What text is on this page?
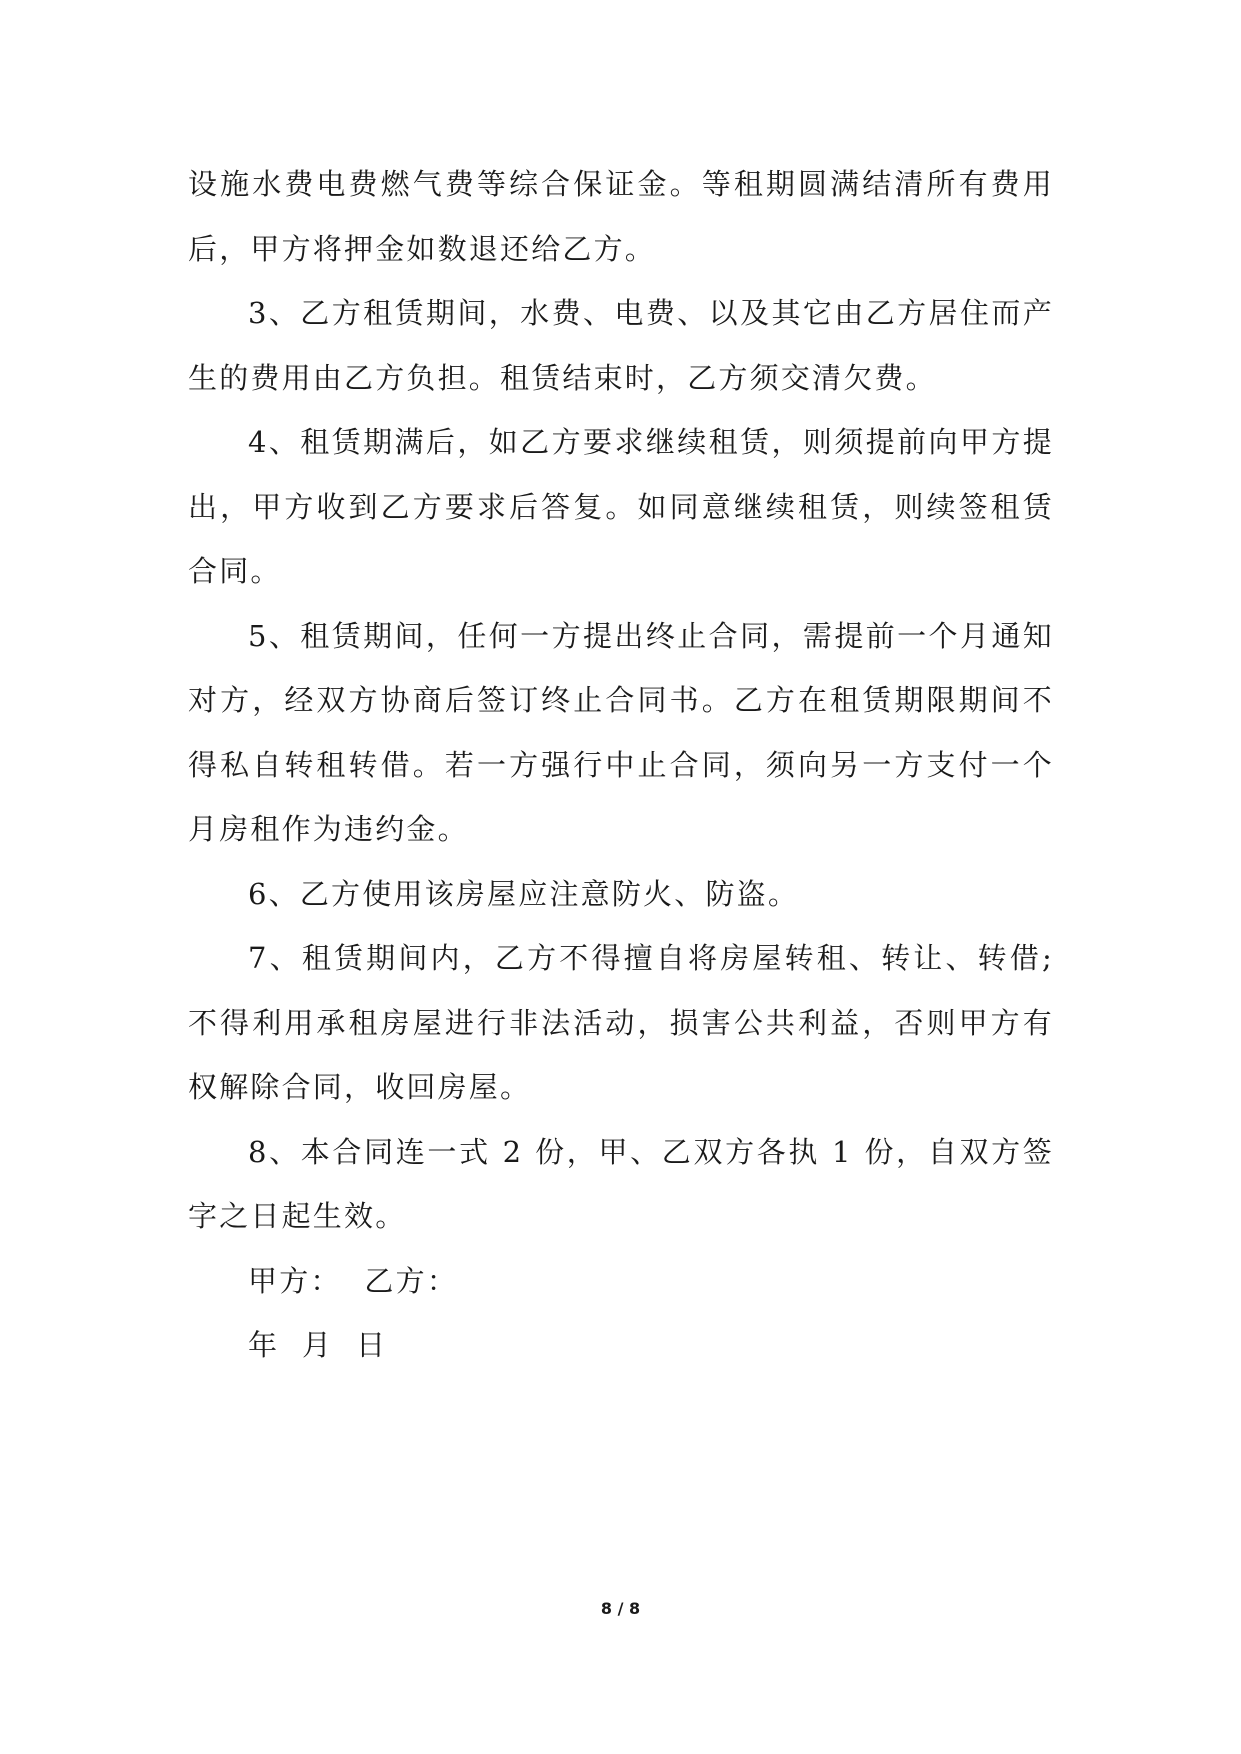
设施水费电费燃气费等综合保证金。等租期圆满结清所有费用后，甲方将押金如数退还给乙方。

3、乙方租赁期间，水费、电费、以及其它由乙方居住而产生的费用由乙方负担。租赁结束时，乙方须交清欠费。

4、租赁期满后，如乙方要求继续租赁，则须提前向甲方提出，甲方收到乙方要求后答复。如同意继续租赁，则续签租赁合同。

5、租赁期间，任何一方提出终止合同，需提前一个月通知对方，经双方协商后签订终止合同书。乙方在租赁期限期间不得私自转租转借。若一方强行中止合同，须向另一方支付一个月房租作为违约金。

6、乙方使用该房屋应注意防火、防盗。

7、租赁期间内，乙方不得擅自将房屋转租、转让、转借;不得利用承租房屋进行非法活动，损害公共利益，否则甲方有权解除合同，收回房屋。

8、本合同连一式 2 份，甲、乙双方各执 1 份，自双方签字之日起生效。

甲方：  乙方：

年  月  日

8 / 8
